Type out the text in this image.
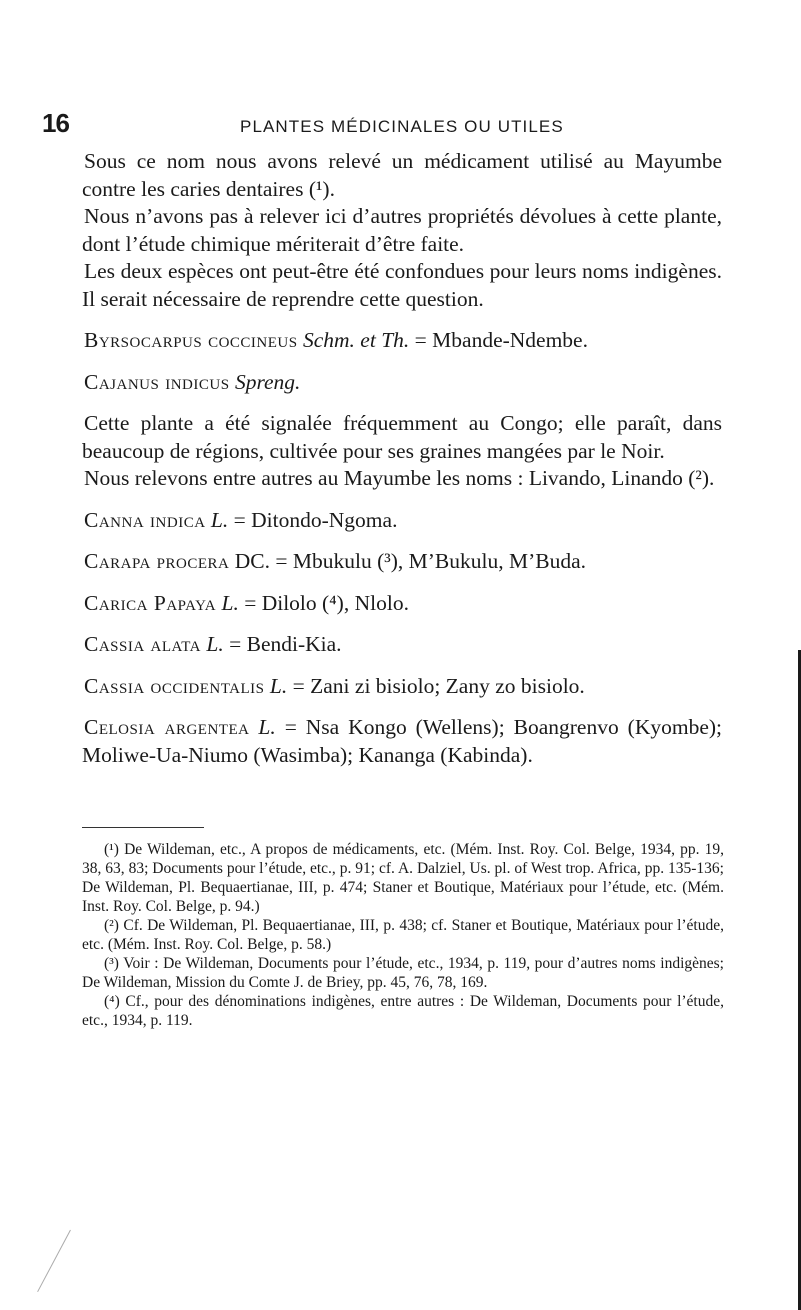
16	PLANTES MÉDICINALES OU UTILES

Sous ce nom nous avons relevé un médicament utilisé au Mayumbe contre les caries dentaires (¹).

Nous n’avons pas à relever ici d’autres propriétés dévolues à cette plante, dont l’étude chimique mériterait d’être faite.

Les deux espèces ont peut-être été confondues pour leurs noms indigènes. Il serait nécessaire de reprendre cette question.

Byrsocarpus coccineus Schm. et Th. = Mbande-Ndembe.

Cajanus indicus Spreng.

Cette plante a été signalée fréquemment au Congo; elle paraît, dans beaucoup de régions, cultivée pour ses graines mangées par le Noir.

Nous relevons entre autres au Mayumbe les noms : Livando, Linando (²).

Canna indica L. = Ditondo-Ngoma.

Carapa procera DC. = Mbukulu (³), M’Bukulu, M’Buda.

Carica Papaya L. = Dilolo (⁴), Nlolo.

Cassia alata L. = Bendi-Kia.

Cassia occidentalis L. = Zani zi bisiolo; Zany zo bisiolo.

Celosia argentea L. = Nsa Kongo (Wellens); Boangrenvo (Kyombe); Moliwe-Ua-Niumo (Wasimba); Kananga (Kabinda).

(¹) De Wildeman, etc., A propos de médicaments, etc. (Mém. Inst. Roy. Col. Belge, 1934, pp. 19, 38, 63, 83; Documents pour l’étude, etc., p. 91; cf. A. Dalziel, Us. pl. of West trop. Africa, pp. 135-136; De Wildeman, Pl. Bequaertianae, III, p. 474; Staner et Boutique, Matériaux pour l’étude, etc. (Mém. Inst. Roy. Col. Belge, p. 94.)

(²) Cf. De Wildeman, Pl. Bequaertianae, III, p. 438; cf. Staner et Boutique, Matériaux pour l’étude, etc. (Mém. Inst. Roy. Col. Belge, p. 58.)

(³) Voir : De Wildeman, Documents pour l’étude, etc., 1934, p. 119, pour d’autres noms indigènes; De Wildeman, Mission du Comte J. de Briey, pp. 45, 76, 78, 169.

(⁴) Cf., pour des dénominations indigènes, entre autres : De Wildeman, Documents pour l’étude, etc., 1934, p. 119.
